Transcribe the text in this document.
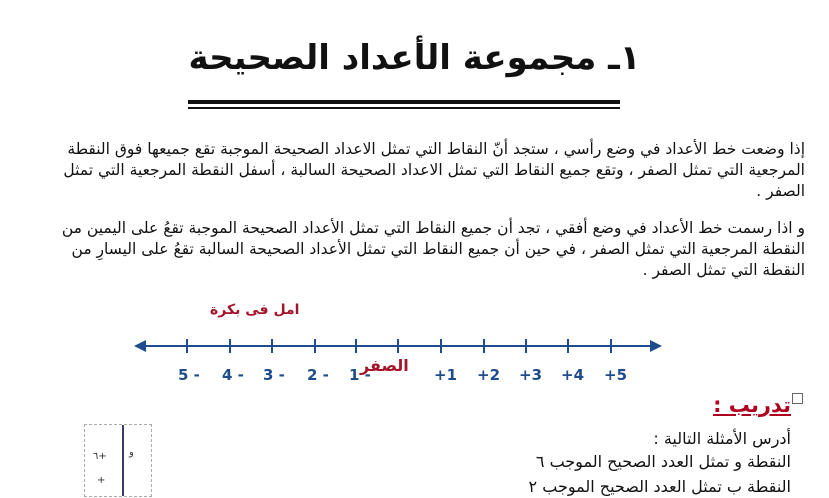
١ـ مجموعة الأعداد الصحيحة
إذا وضعت خط الأعداد في وضع رأسي ، ستجد أنّ النقاط التي تمثل الاعداد الصحيحة الموجبة تقع جميعها فوق النقطة المرجعية التي تمثل الصفر ، وتقع جميع النقاط التي تمثل الاعداد الصحيحة السالبة ، أسفل النقطة المرجعية التي تمثل الصفر .
و اذا رسمت خط الأعداد في وضع أفقي ، تجد أن جميع النقاط التي تمثل الأعداد الصحيحة الموجبة تقعُ على اليمين من النقطة المرجعية التي تمثل الصفر ، في حين أن جميع النقاط التي تمثل الأعداد الصحيحة السالبة تقعُ على اليسارِ من النقطة التي تمثل الصفر .
امل فى بكرة
5 - 4 - 3 - 2 - 1 -	+1 +2 +3 +4 +5
الصفر
تدريب :
أدرس الأمثلة التالية :
النقطة و تمثل العدد الصحيح الموجب ٦
النقطة ب تمثل العدد الصحيح الموجب ٢
٦+ و
+
